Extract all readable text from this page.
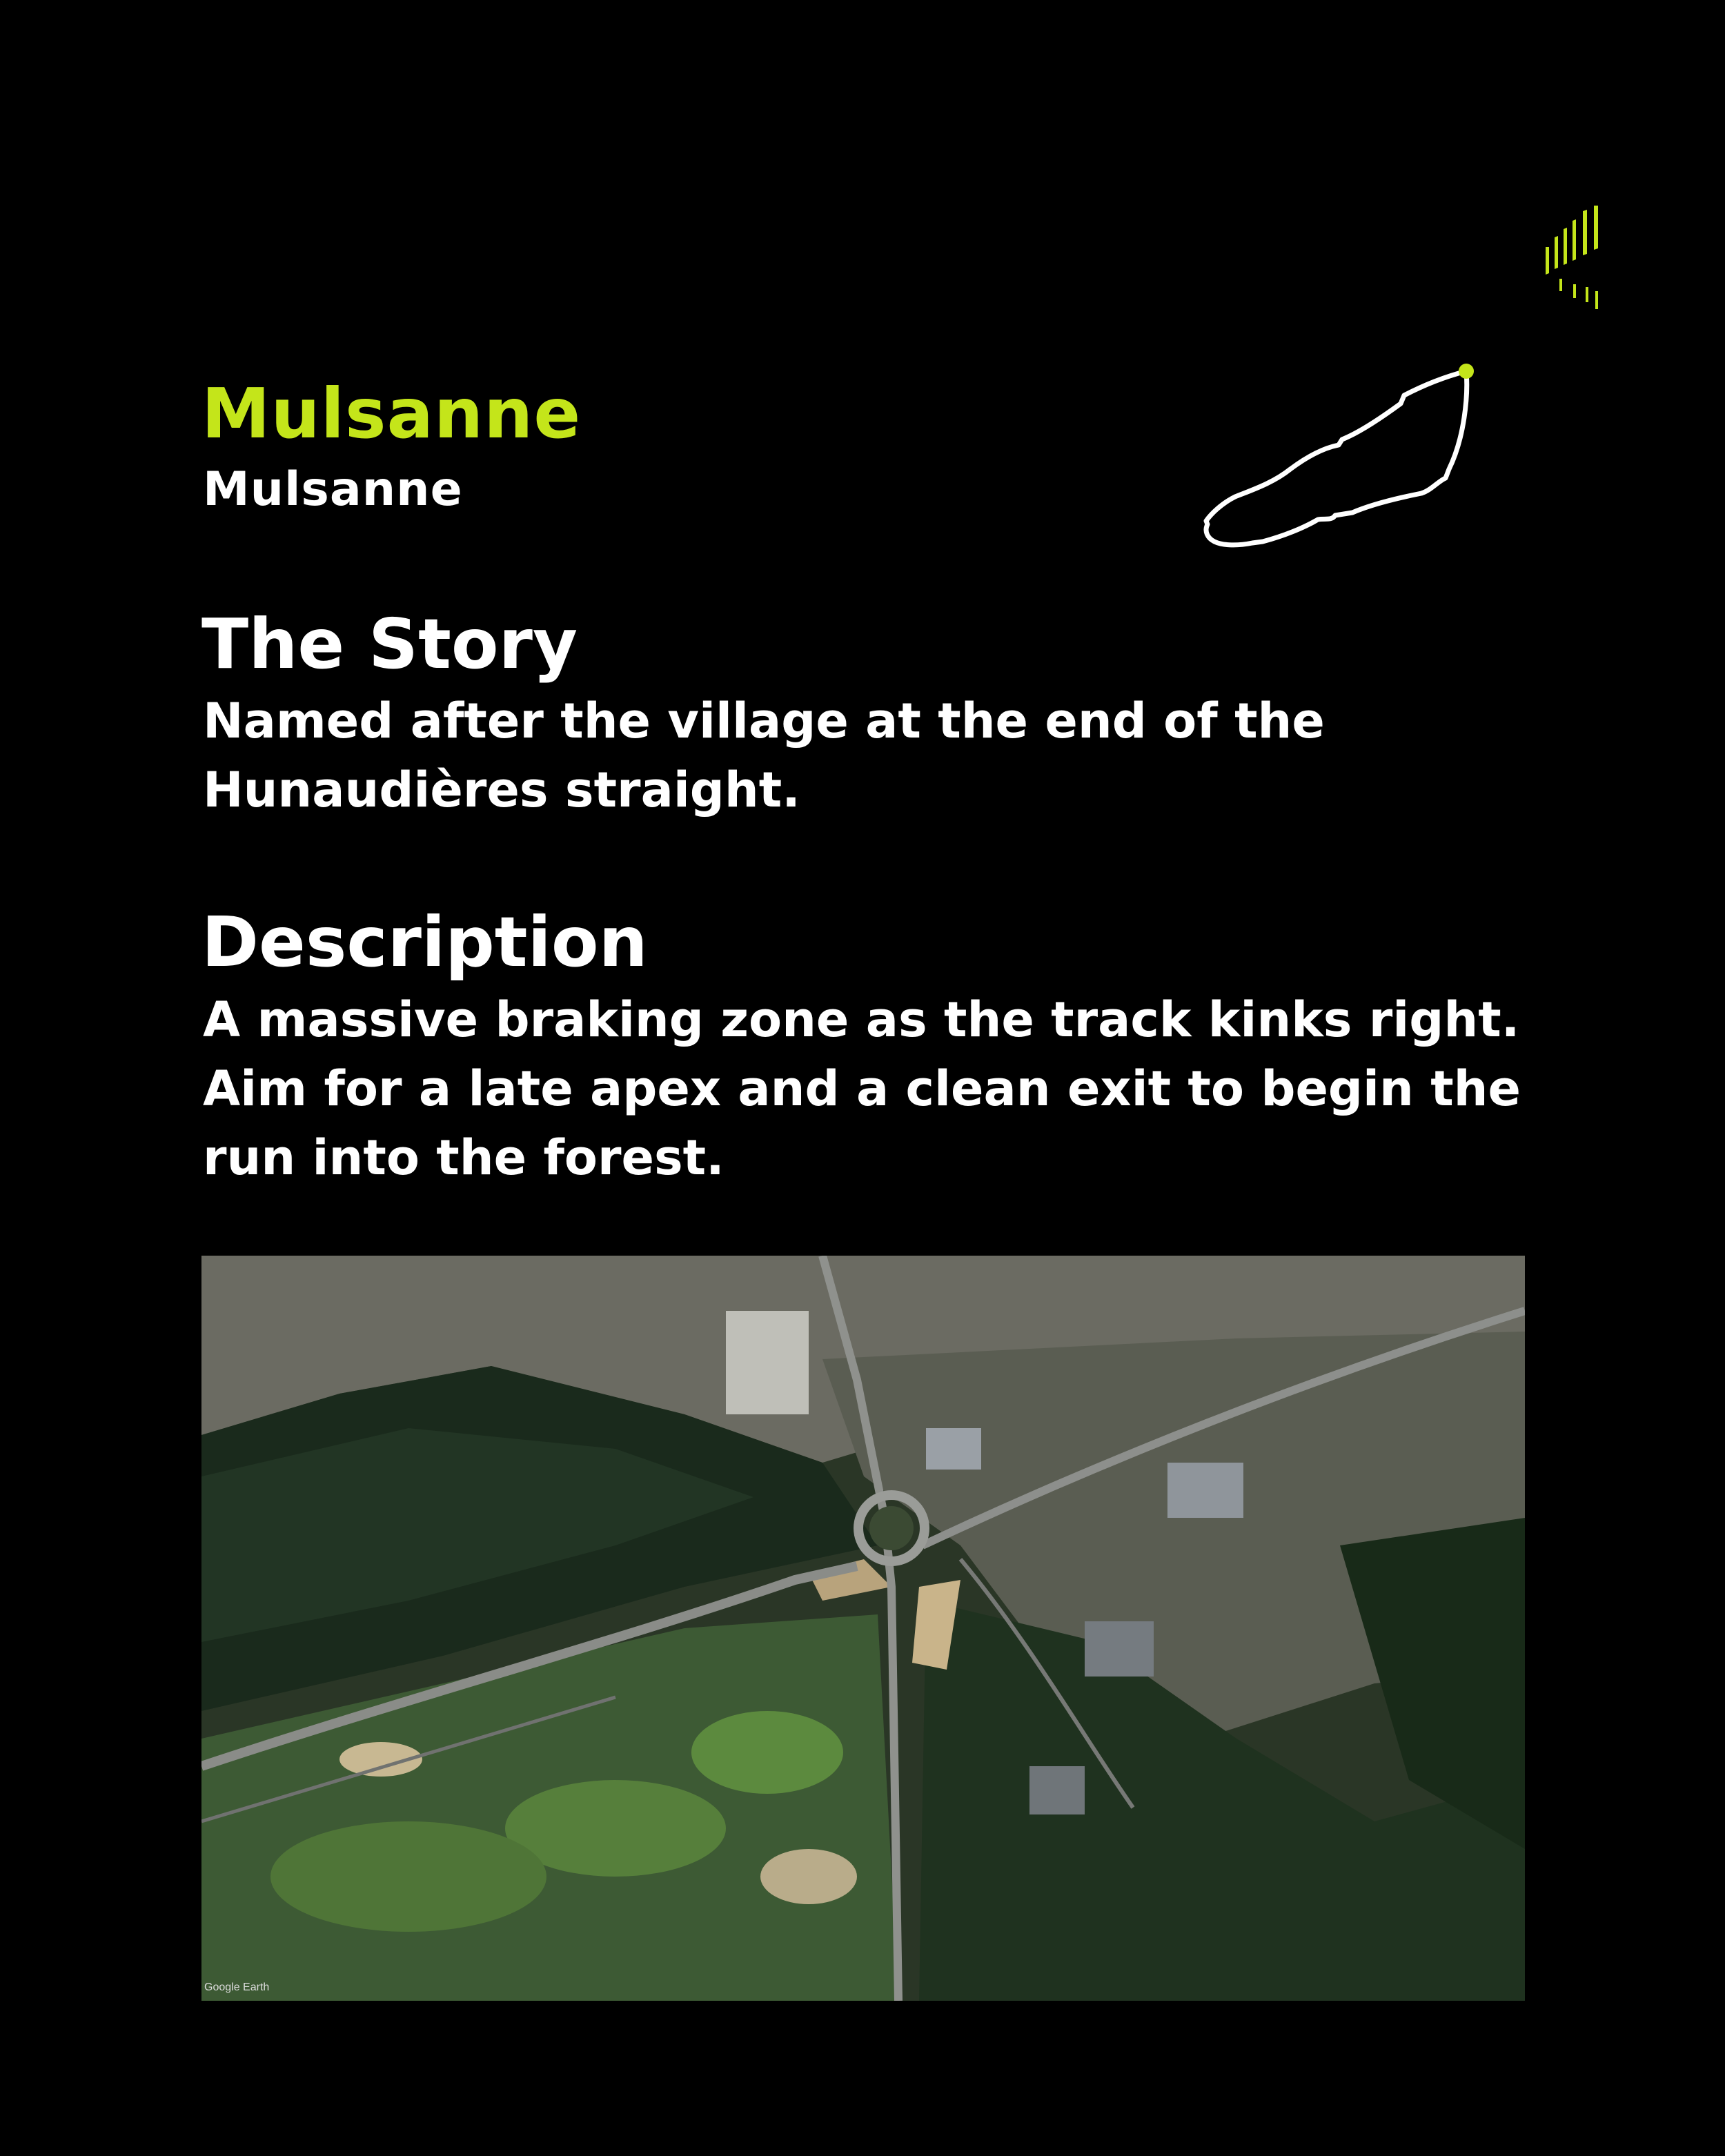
Mulsanne
Mulsanne
The Story

Named after the village at the end of the Hunaudières straight.

Description

A massive braking zone as the track kinks right. Aim for a late apex and a clean exit to begin the run into the forest.

Google Earth
